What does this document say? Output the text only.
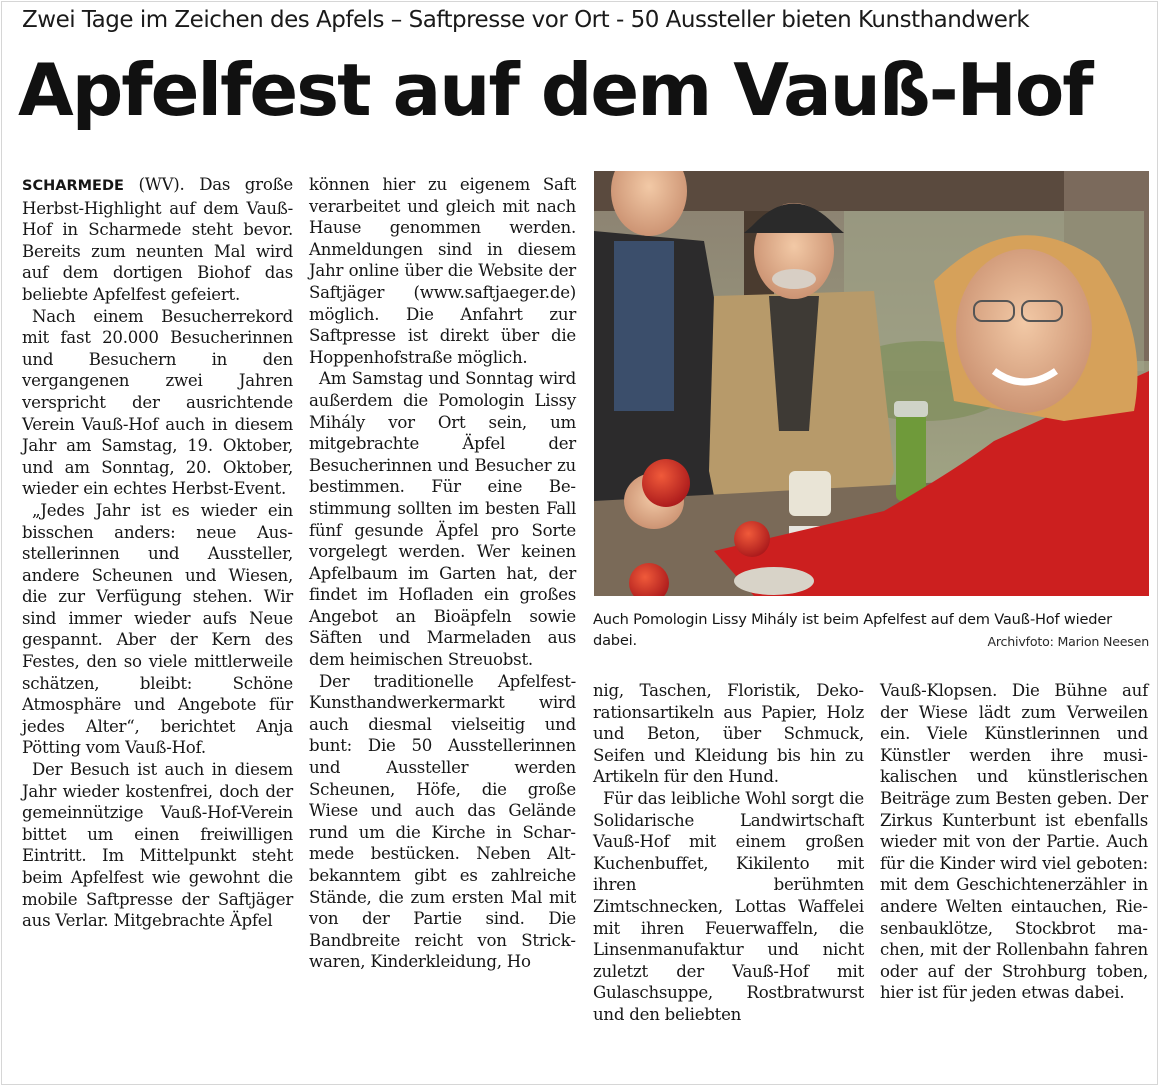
Zwei Tage im Zeichen des Apfels – Saftpresse vor Ort - 50 Aussteller bieten Kunsthandwerk
Apfelfest auf dem Vauß-Hof

SCHARMEDE (WV). Das große Herbst-Highlight auf dem Vauß-Hof in Scharmede steht bevor. Bereits zum neunten Mal wird auf dem dortigen Biohof das beliebte Apfelfest gefeiert.

Nach einem Besucherrekord mit fast 20.000 Besucherinnen und Besuchern in den vergangenen zwei Jahren verspricht der ausrichtende Verein Vauß-Hof auch in diesem Jahr am Samstag, 19. Oktober, und am Sonntag, 20. Oktober, wieder ein echtes Herbst-Event.

„Jedes Jahr ist es wieder ein bisschen anders: neue Ausstellerinnen und Aussteller, andere Scheunen und Wiesen, die zur Verfügung stehen. Wir sind immer wieder aufs Neue gespannt. Aber der Kern des Festes, den so viele mittlerweile schätzen, bleibt: Schöne Atmosphäre und Angebote für jedes Alter“, berichtet Anja Pötting vom Vauß-Hof.

Der Besuch ist auch in diesem Jahr wieder kostenfrei, doch der gemeinnützige Vauß-Hof-Verein bittet um einen freiwilligen Eintritt. Im Mittelpunkt steht beim Apfelfest wie gewohnt die mobile Saftpresse der Saftjäger aus Verlar. Mitgebrachte Äpfel

können hier zu eigenem Saft verarbeitet und gleich mit nach Hause genommen werden. Anmeldungen sind in diesem Jahr online über die Website der Saftjäger (www.saftjaeger.de) möglich. Die Anfahrt zur Saftpresse ist direkt über die Hoppenhofstraße möglich.

Am Samstag und Sonntag wird außerdem die Pomologin Lissy Mihály vor Ort sein, um mitgebrachte Äpfel der Besucherinnen und Besucher zu bestimmen. Für eine Bestimmung sollten im besten Fall fünf gesunde Äpfel pro Sorte vorgelegt werden. Wer keinen Apfelbaum im Garten hat, der findet im Hofladen ein großes Angebot an Bioäpfeln sowie Säften und Marmeladen aus dem heimischen Streuobst.

Der traditionelle Apfelfest-Kunsthandwerkermarkt wird auch diesmal vielseitig und bunt: Die 50 Ausstellerinnen und Aussteller werden Scheunen, Höfe, die große Wiese und auch das Gelände rund um die Kirche in Scharmede bestücken. Neben Altbekanntem gibt es zahlreiche Stände, die zum ersten Mal mit von der Partie sind. Die Bandbreite reicht von Strickwaren, Kinderkleidung, Ho

Auch Pomologin Lissy Mihály ist beim Apfelfest auf dem Vauß-Hof wieder dabei.	Archivfoto: Marion Neesen

nig, Taschen, Floristik, Dekorationsartikeln aus Papier, Holz und Beton, über Schmuck, Seifen und Kleidung bis hin zu Artikeln für den Hund.

Für das leibliche Wohl sorgt die Solidarische Landwirtschaft Vauß-Hof mit einem großen Kuchenbuffet, Kikilento mit ihren berühmten Zimtschnecken, Lottas Waffelei mit ihren Feuerwaffeln, die Linsenmanufaktur und nicht zuletzt der Vauß-Hof mit Gulaschsuppe, Rostbratwurst und den beliebten

Vauß-Klopsen. Die Bühne auf der Wiese lädt zum Verweilen ein. Viele Künstlerinnen und Künstler werden ihre musikalischen und künstlerischen Beiträge zum Besten geben. Der Zirkus Kunterbunt ist ebenfalls wieder mit von der Partie. Auch für die Kinder wird viel geboten: mit dem Geschichtenerzähler in andere Welten eintauchen, Riesenbauklötze, Stockbrot machen, mit der Rollenbahn fahren oder auf der Strohburg toben, hier ist für jeden etwas dabei.
